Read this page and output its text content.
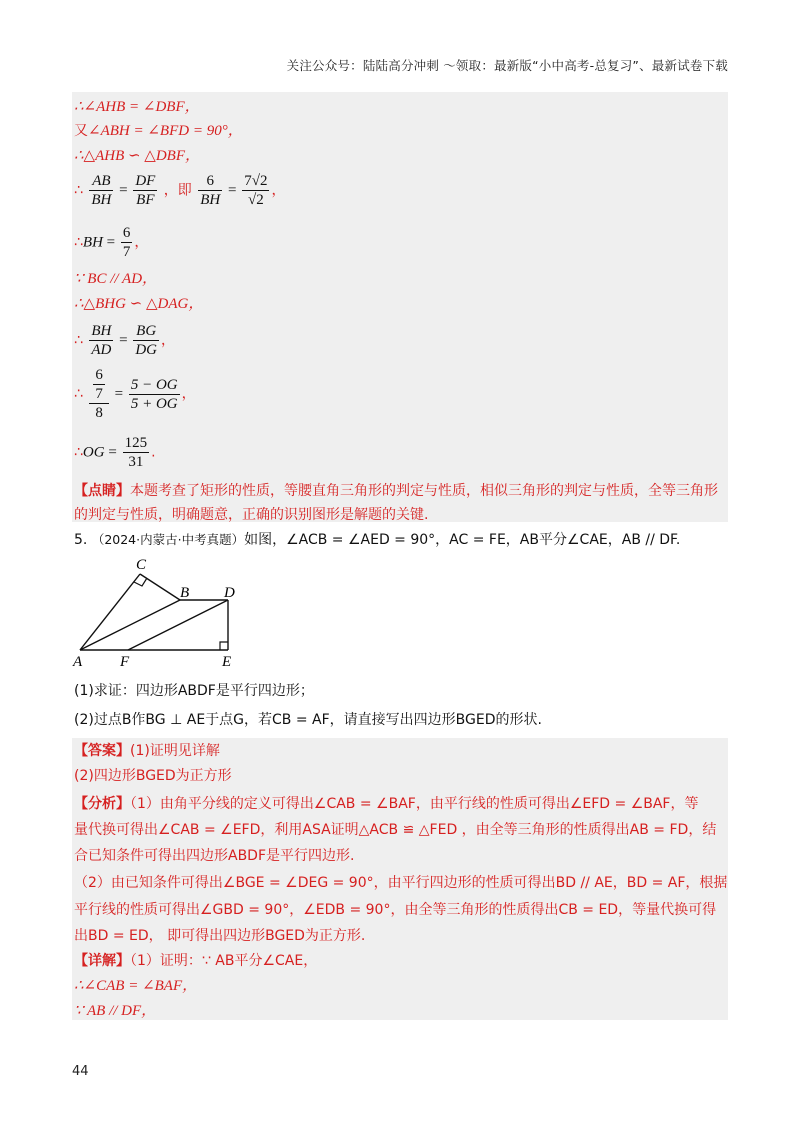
关注公众号：陆陆高分冲刺 ～领取：最新版“小中高考-总复习”、最新试卷下载
∴∠AHB = ∠DBF，
又∠ABH = ∠BFD = 90°，
∴△AHB ∽ △DBF，
∴ $\frac{AB}{BH} = \frac{DF}{BF}$ ，即 $\frac{6}{BH} = \frac{7√2}{√2}$ ，
∴BH = $\frac{6}{7}$ ，
∵ BC // AD，
∴△BHG ∽ △DAG，
∴ $\frac{BH}{AD} = \frac{BG}{DG}$ ，
∴ $\frac{\frac{6}{7}}{8} = \frac{5 - OG}{5 + OG}$ ，
∴OG = $\frac{125}{31}$ .
【点睛】本题考查了矩形的性质，等腰直角三角形的判定与性质，相似三角形的判定与性质，全等三角形
的判定与性质，明确题意，正确的识别图形是解题的关键.
5. （2024·内蒙古·中考真题）如图，∠ACB = ∠AED = 90°，AC = FE，AB平分∠CAE，AB // DF.
C
B D
A	F	E
(1)求证：四边形ABDF是平行四边形；
(2)过点B作BG ⊥ AE于点G，若CB = AF，请直接写出四边形BGED的形状.
【答案】(1)证明见详解
(2)四边形BGED为正方形
【分析】（1）由角平分线的定义可得出∠CAB = ∠BAF，由平行线的性质可得出∠EFD = ∠BAF，等
量代换可得出∠CAB = ∠EFD，利用ASA证明△ACB ≌ △FED ，由全等三角形的性质得出AB = FD，结
合已知条件可得出四边形ABDF是平行四边形.
（2）由已知条件可得出∠BGE = ∠DEG = 90°，由平行四边形的性质可得出BD // AE，BD = AF，根据
平行线的性质可得出∠GBD = 90°，∠EDB = 90°，由全等三角形的性质得出CB = ED，等量代换可得
出BD = ED， 即可得出四边形BGED为正方形.
【详解】（1）证明：∵ AB平分∠CAE，
∴∠CAB = ∠BAF，
∵ AB // DF，
44
